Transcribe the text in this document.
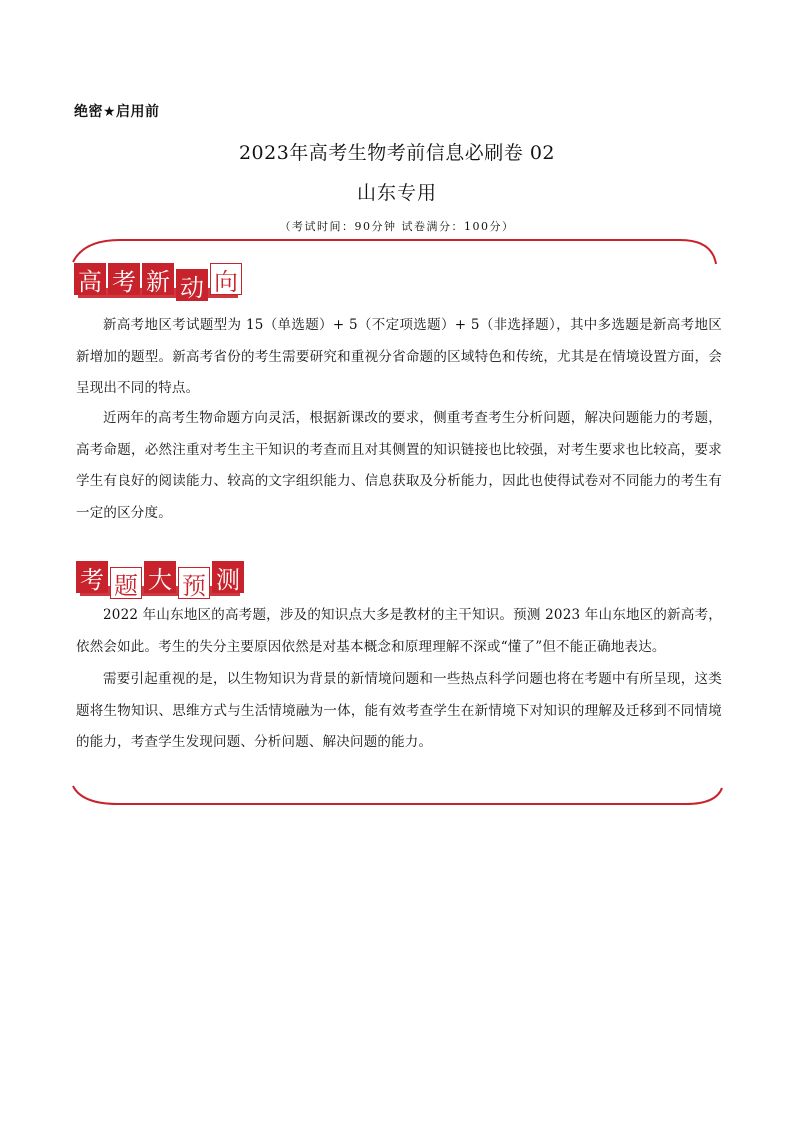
绝密★启用前
2023年高考生物考前信息必刷卷 02
山东专用
（考试时间：90分钟 试卷满分：100分）
高 考 新 动 向

新高考地区考试题型为 15（单选题）+ 5（不定项选题）+ 5（非选择题），其中多选题是新高考地区新增加的题型。新高考省份的考生需要研究和重视分省命题的区域特色和传统，尤其是在情境设置方面，会呈现出不同的特点。

近两年的高考生物命题方向灵活，根据新课改的要求，侧重考查考生分析问题，解决问题能力的考题，高考命题，必然注重对考生主干知识的考查而且对其侧置的知识链接也比较强，对考生要求也比较高，要求学生有良好的阅读能力、较高的文字组织能力、信息获取及分析能力，因此也使得试卷对不同能力的考生有一定的区分度。

考 题 大 预 测

2022 年山东地区的高考题，涉及的知识点大多是教材的主干知识。预测 2023 年山东地区的新高考，依然会如此。考生的失分主要原因依然是对基本概念和原理理解不深或“懂了”但不能正确地表达。

需要引起重视的是，以生物知识为背景的新情境问题和一些热点科学问题也将在考题中有所呈现，这类题将生物知识、思维方式与生活情境融为一体，能有效考查学生在新情境下对知识的理解及迁移到不同情境的能力，考查学生发现问题、分析问题、解决问题的能力。
